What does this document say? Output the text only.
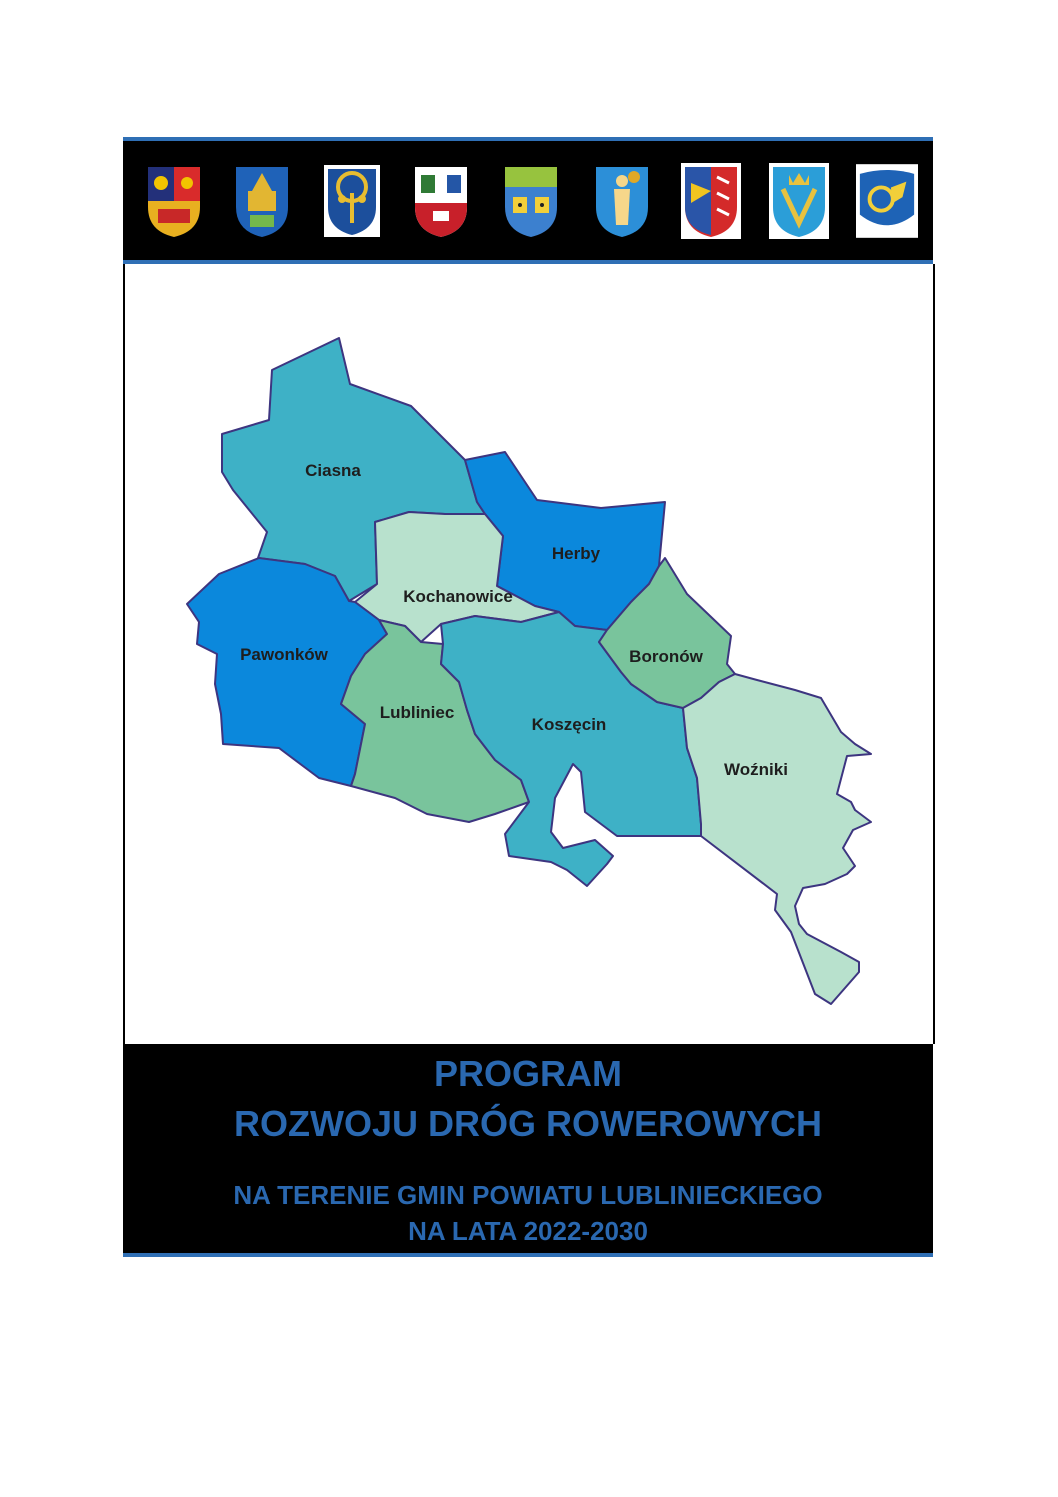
Ciasna
Herby
Kochanowice
Pawonków	Boronów
Lubliniec
Koszęcin
Woźniki
PROGRAM
ROZWOJU DRÓG ROWEROWYCH
NA TERENIE GMIN POWIATU LUBLINIECKIEGO
NA LATA 2022-2030
